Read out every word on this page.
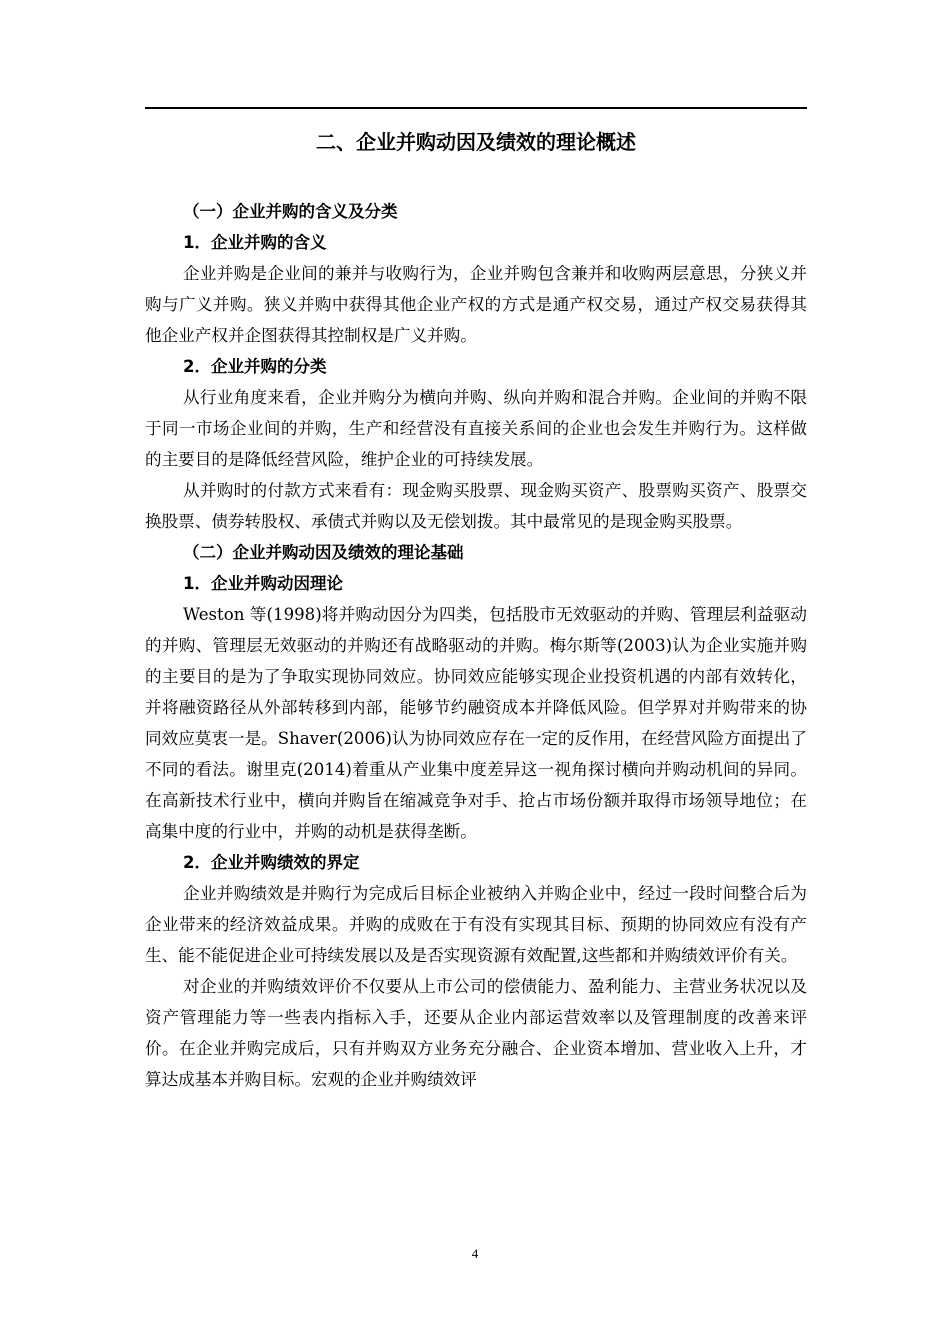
二、企业并购动因及绩效的理论概述
（一）企业并购的含义及分类
1．企业并购的含义

企业并购是企业间的兼并与收购行为，企业并购包含兼并和收购两层意思，分狭义并购与广义并购。狭义并购中获得其他企业产权的方式是通产权交易，通过产权交易获得其他企业产权并企图获得其控制权是广义并购。

2．企业并购的分类

从行业角度来看，企业并购分为横向并购、纵向并购和混合并购。企业间的并购不限于同一市场企业间的并购，生产和经营没有直接关系间的企业也会发生并购行为。这样做的主要目的是降低经营风险，维护企业的可持续发展。

从并购时的付款方式来看有：现金购买股票、现金购买资产、股票购买资产、股票交换股票、债券转股权、承债式并购以及无偿划拨。其中最常见的是现金购买股票。

（二）企业并购动因及绩效的理论基础
1．企业并购动因理论

Weston 等(1998)将并购动因分为四类，包括股市无效驱动的并购、管理层利益驱动的并购、管理层无效驱动的并购还有战略驱动的并购。梅尔斯等(2003)认为企业实施并购的主要目的是为了争取实现协同效应。协同效应能够实现企业投资机遇的内部有效转化，并将融资路径从外部转移到内部，能够节约融资成本并降低风险。但学界对并购带来的协同效应莫衷一是。Shaver(2006)认为协同效应存在一定的反作用，在经营风险方面提出了不同的看法。谢里克(2014)着重从产业集中度差异这一视角探讨横向并购动机间的异同。在高新技术行业中，横向并购旨在缩减竞争对手、抢占市场份额并取得市场领导地位；在高集中度的行业中，并购的动机是获得垄断。

2．企业并购绩效的界定

企业并购绩效是并购行为完成后目标企业被纳入并购企业中，经过一段时间整合后为企业带来的经济效益成果。并购的成败在于有没有实现其目标、预期的协同效应有没有产生、能不能促进企业可持续发展以及是否实现资源有效配置,这些都和并购绩效评价有关。

对企业的并购绩效评价不仅要从上市公司的偿债能力、盈利能力、主营业务状况以及资产管理能力等一些表内指标入手，还要从企业内部运营效率以及管理制度的改善来评价。在企业并购完成后，只有并购双方业务充分融合、企业资本增加、营业收入上升，才算达成基本并购目标。宏观的企业并购绩效评

4
